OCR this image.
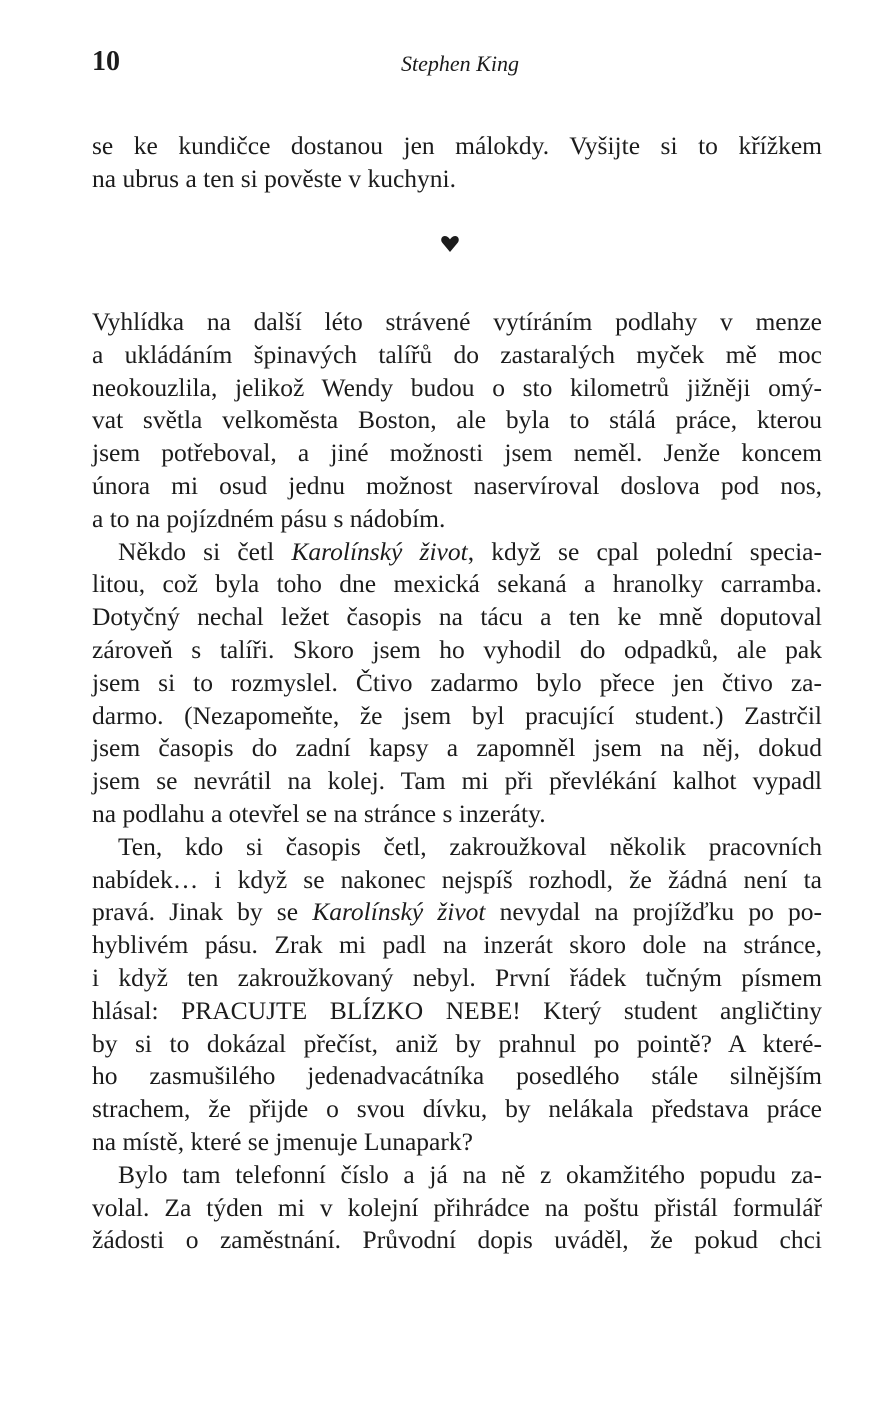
10	Stephen King
se ke kundičce dostanou jen málokdy. Vyšijte si to křížkem
na ubrus a ten si pověste v kuchyni.
Vyhlídka na další léto strávené vytíráním podlahy v menze
a ukládáním špinavých talířů do zastaralých myček mě moc
neokouzlila, jelikož Wendy budou o sto kilometrů jižněji omý-
vat světla velkoměsta Boston, ale byla to stálá práce, kterou
jsem potřeboval, a jiné možnosti jsem neměl. Jenže koncem
února mi osud jednu možnost naservíroval doslova pod nos,
a to na pojízdném pásu s nádobím.
Někdo si četl Karolínský život, když se cpal polední specia-
litou, což byla toho dne mexická sekaná a hranolky carramba.
Dotyčný nechal ležet časopis na tácu a ten ke mně doputoval
zároveň s talíři. Skoro jsem ho vyhodil do odpadků, ale pak
jsem si to rozmyslel. Čtivo zadarmo bylo přece jen čtivo za-
darmo. (Nezapomeňte, že jsem byl pracující student.) Zastrčil
jsem časopis do zadní kapsy a zapomněl jsem na něj, dokud
jsem se nevrátil na kolej. Tam mi při převlékání kalhot vypadl
na podlahu a otevřel se na stránce s inzeráty.
Ten, kdo si časopis četl, zakroužkoval několik pracovních
nabídek… i když se nakonec nejspíš rozhodl, že žádná není ta
pravá. Jinak by se Karolínský život nevydal na projížďku po po-
hyblivém pásu. Zrak mi padl na inzerát skoro dole na stránce,
i když ten zakroužkovaný nebyl. První řádek tučným písmem
hlásal: PRACUJTE BLÍZKO NEBE! Který student angličtiny
by si to dokázal přečíst, aniž by prahnul po pointě? A které-
ho zasmušilého jedenadvacátníka posedlého stále silnějším
strachem, že přijde o svou dívku, by nelákala představa práce
na místě, které se jmenuje Lunapark?
Bylo tam telefonní číslo a já na ně z okamžitého popudu za-
volal. Za týden mi v kolejní přihrádce na poštu přistál formulář
žádosti o zaměstnání. Průvodní dopis uváděl, že pokud chci
